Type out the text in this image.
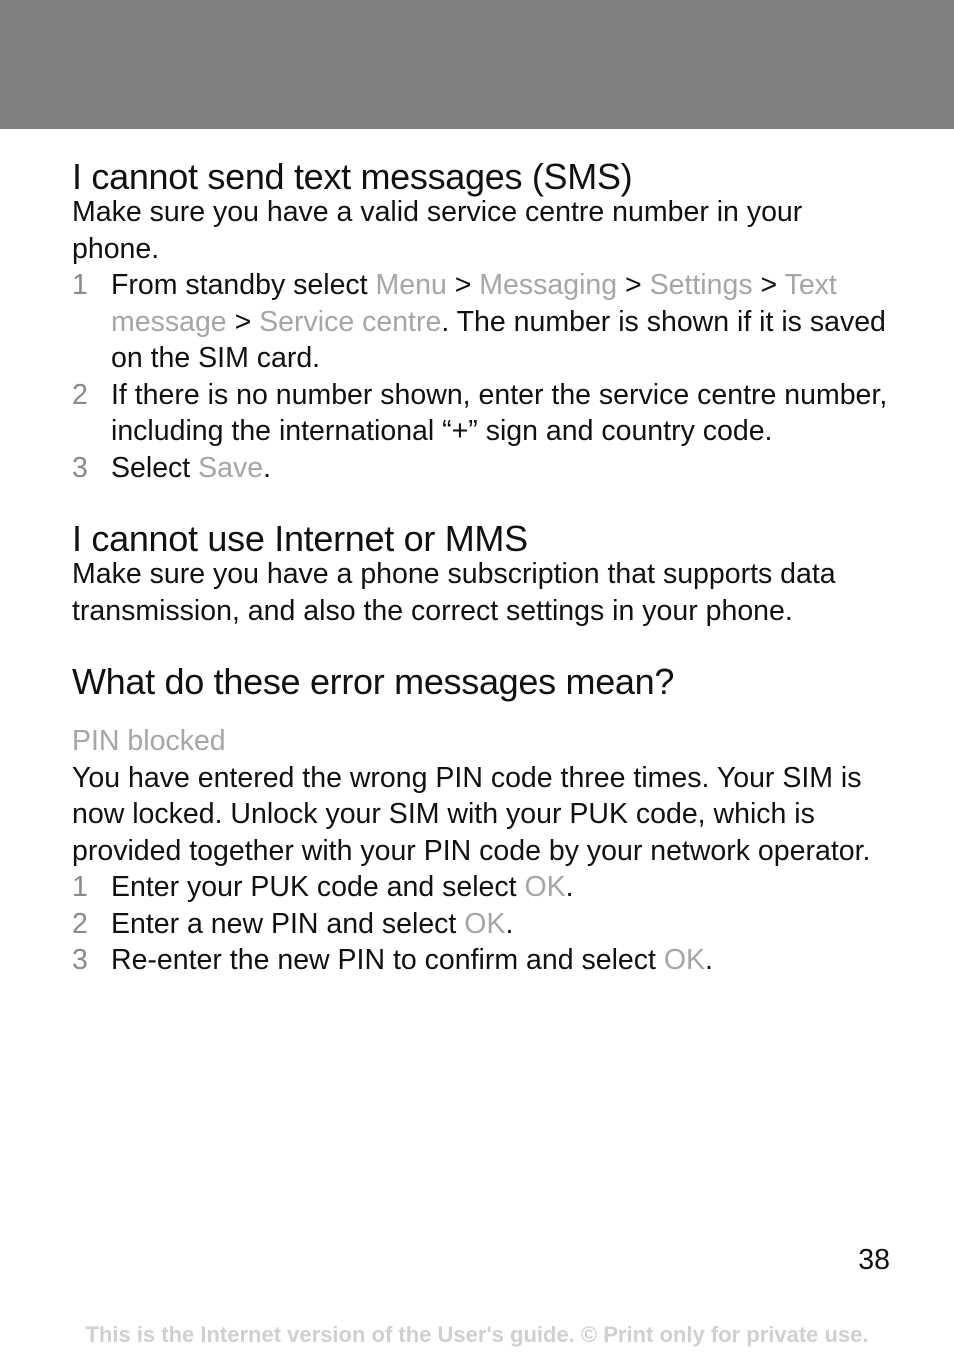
I cannot send text messages (SMS)

Make sure you have a valid service centre number in your phone.

1 From standby select Menu > Messaging > Settings > Text message > Service centre. The number is shown if it is saved on the SIM card.
2 If there is no number shown, enter the service centre number, including the international “+” sign and country code.
3 Select Save.
I cannot use Internet or MMS

Make sure you have a phone subscription that supports data transmission, and also the correct settings in your phone.

What do these error messages mean?

PIN blocked

You have entered the wrong PIN code three times. Your SIM is now locked. Unlock your SIM with your PUK code, which is provided together with your PIN code by your network operator.

1 Enter your PUK code and select OK.
2 Enter a new PIN and select OK.
3 Re-enter the new PIN to confirm and select OK.
38
This is the Internet version of the User's guide. © Print only for private use.
